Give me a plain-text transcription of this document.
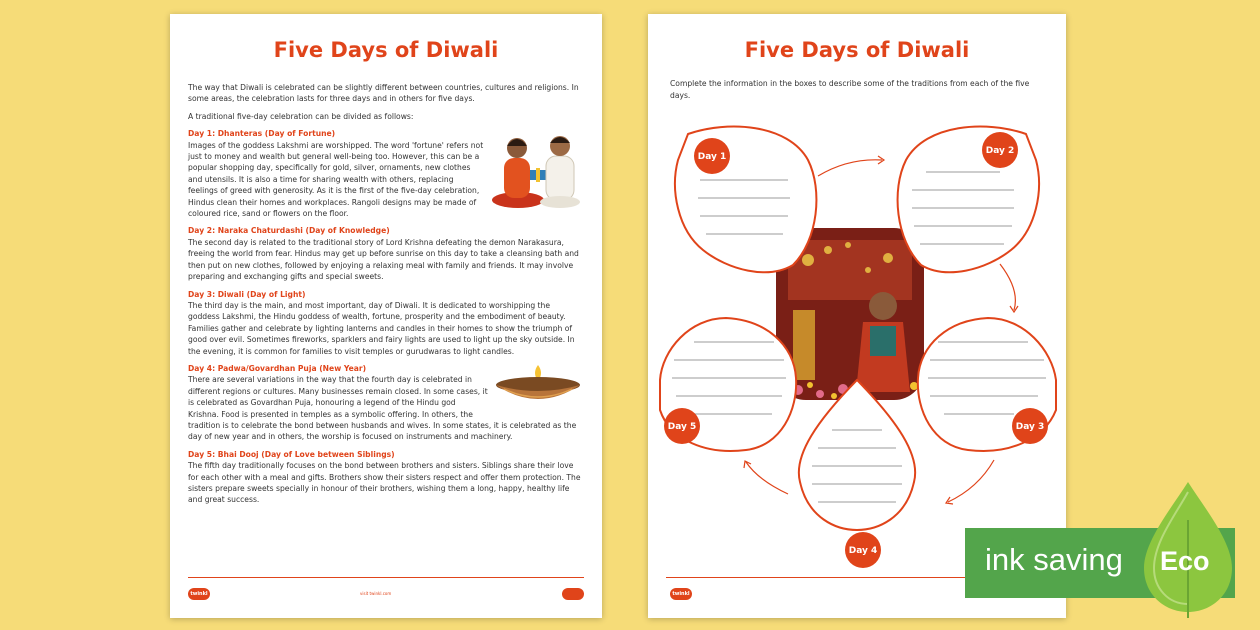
Five Days of Diwali

The way that Diwali is celebrated can be slightly different between countries, cultures and religions. In some areas, the celebration lasts for three days and in others for five days.

A traditional five-day celebration can be divided as follows:

Day 1: Dhanteras (Day of Fortune)

Images of the goddess Lakshmi are worshipped. The word 'fortune' refers not just to money and wealth but general well-being too. However, this can be a popular shopping day, specifically for gold, silver, ornaments, new clothes and utensils. It is also a time for sharing wealth with others, replacing feelings of greed with generosity. As it is the first of the five-day celebration, Hindus clean their homes and workplaces. Rangoli designs may be made of coloured rice, sand or flowers on the floor.

Day 2: Naraka Chaturdashi (Day of Knowledge)

The second day is related to the traditional story of Lord Krishna defeating the demon Narakasura, freeing the world from fear. Hindus may get up before sunrise on this day to take a cleansing bath and then put on new clothes, followed by enjoying a relaxing meal with family and friends. It may involve preparing and exchanging gifts and special sweets.

Day 3: Diwali (Day of Light)

The third day is the main, and most important, day of Diwali. It is dedicated to worshipping the goddess Lakshmi, the Hindu goddess of wealth, fortune, prosperity and the embodiment of beauty. Families gather and celebrate by lighting lanterns and candles in their homes to show the triumph of good over evil. Sometimes fireworks, sparklers and fairy lights are used to light up the sky outside. In the evening, it is common for families to visit temples or gurudwaras to light candles.

Day 4: Padwa/Govardhan Puja (New Year)

There are several variations in the way that the fourth day is celebrated in different regions or cultures. Many businesses remain closed. In some cases, it is celebrated as Govardhan Puja, honouring a legend of the Hindu god Krishna. Food is presented in temples as a symbolic offering. In others, the tradition is to celebrate the bond between husbands and wives. In some states, it is celebrated as the day of new year and in others, the worship is focused on instruments and machinery.

Day 5: Bhai Dooj (Day of Love between Siblings)

The fifth day traditionally focuses on the bond between brothers and sisters. Siblings share their love for each other with a meal and gifts. Brothers show their sisters respect and offer them protection. The sisters prepare sweets specially in honour of their brothers, wishing them a long, happy, healthy life and great success.

twinkl	visit twinkl.com
Five Days of Diwali
Complete the information in the boxes to describe some of the traditions from each of the five days.
Day 1
Day 2
Day 3
Day 4
Day 5
twinkl
ink saving Eco
